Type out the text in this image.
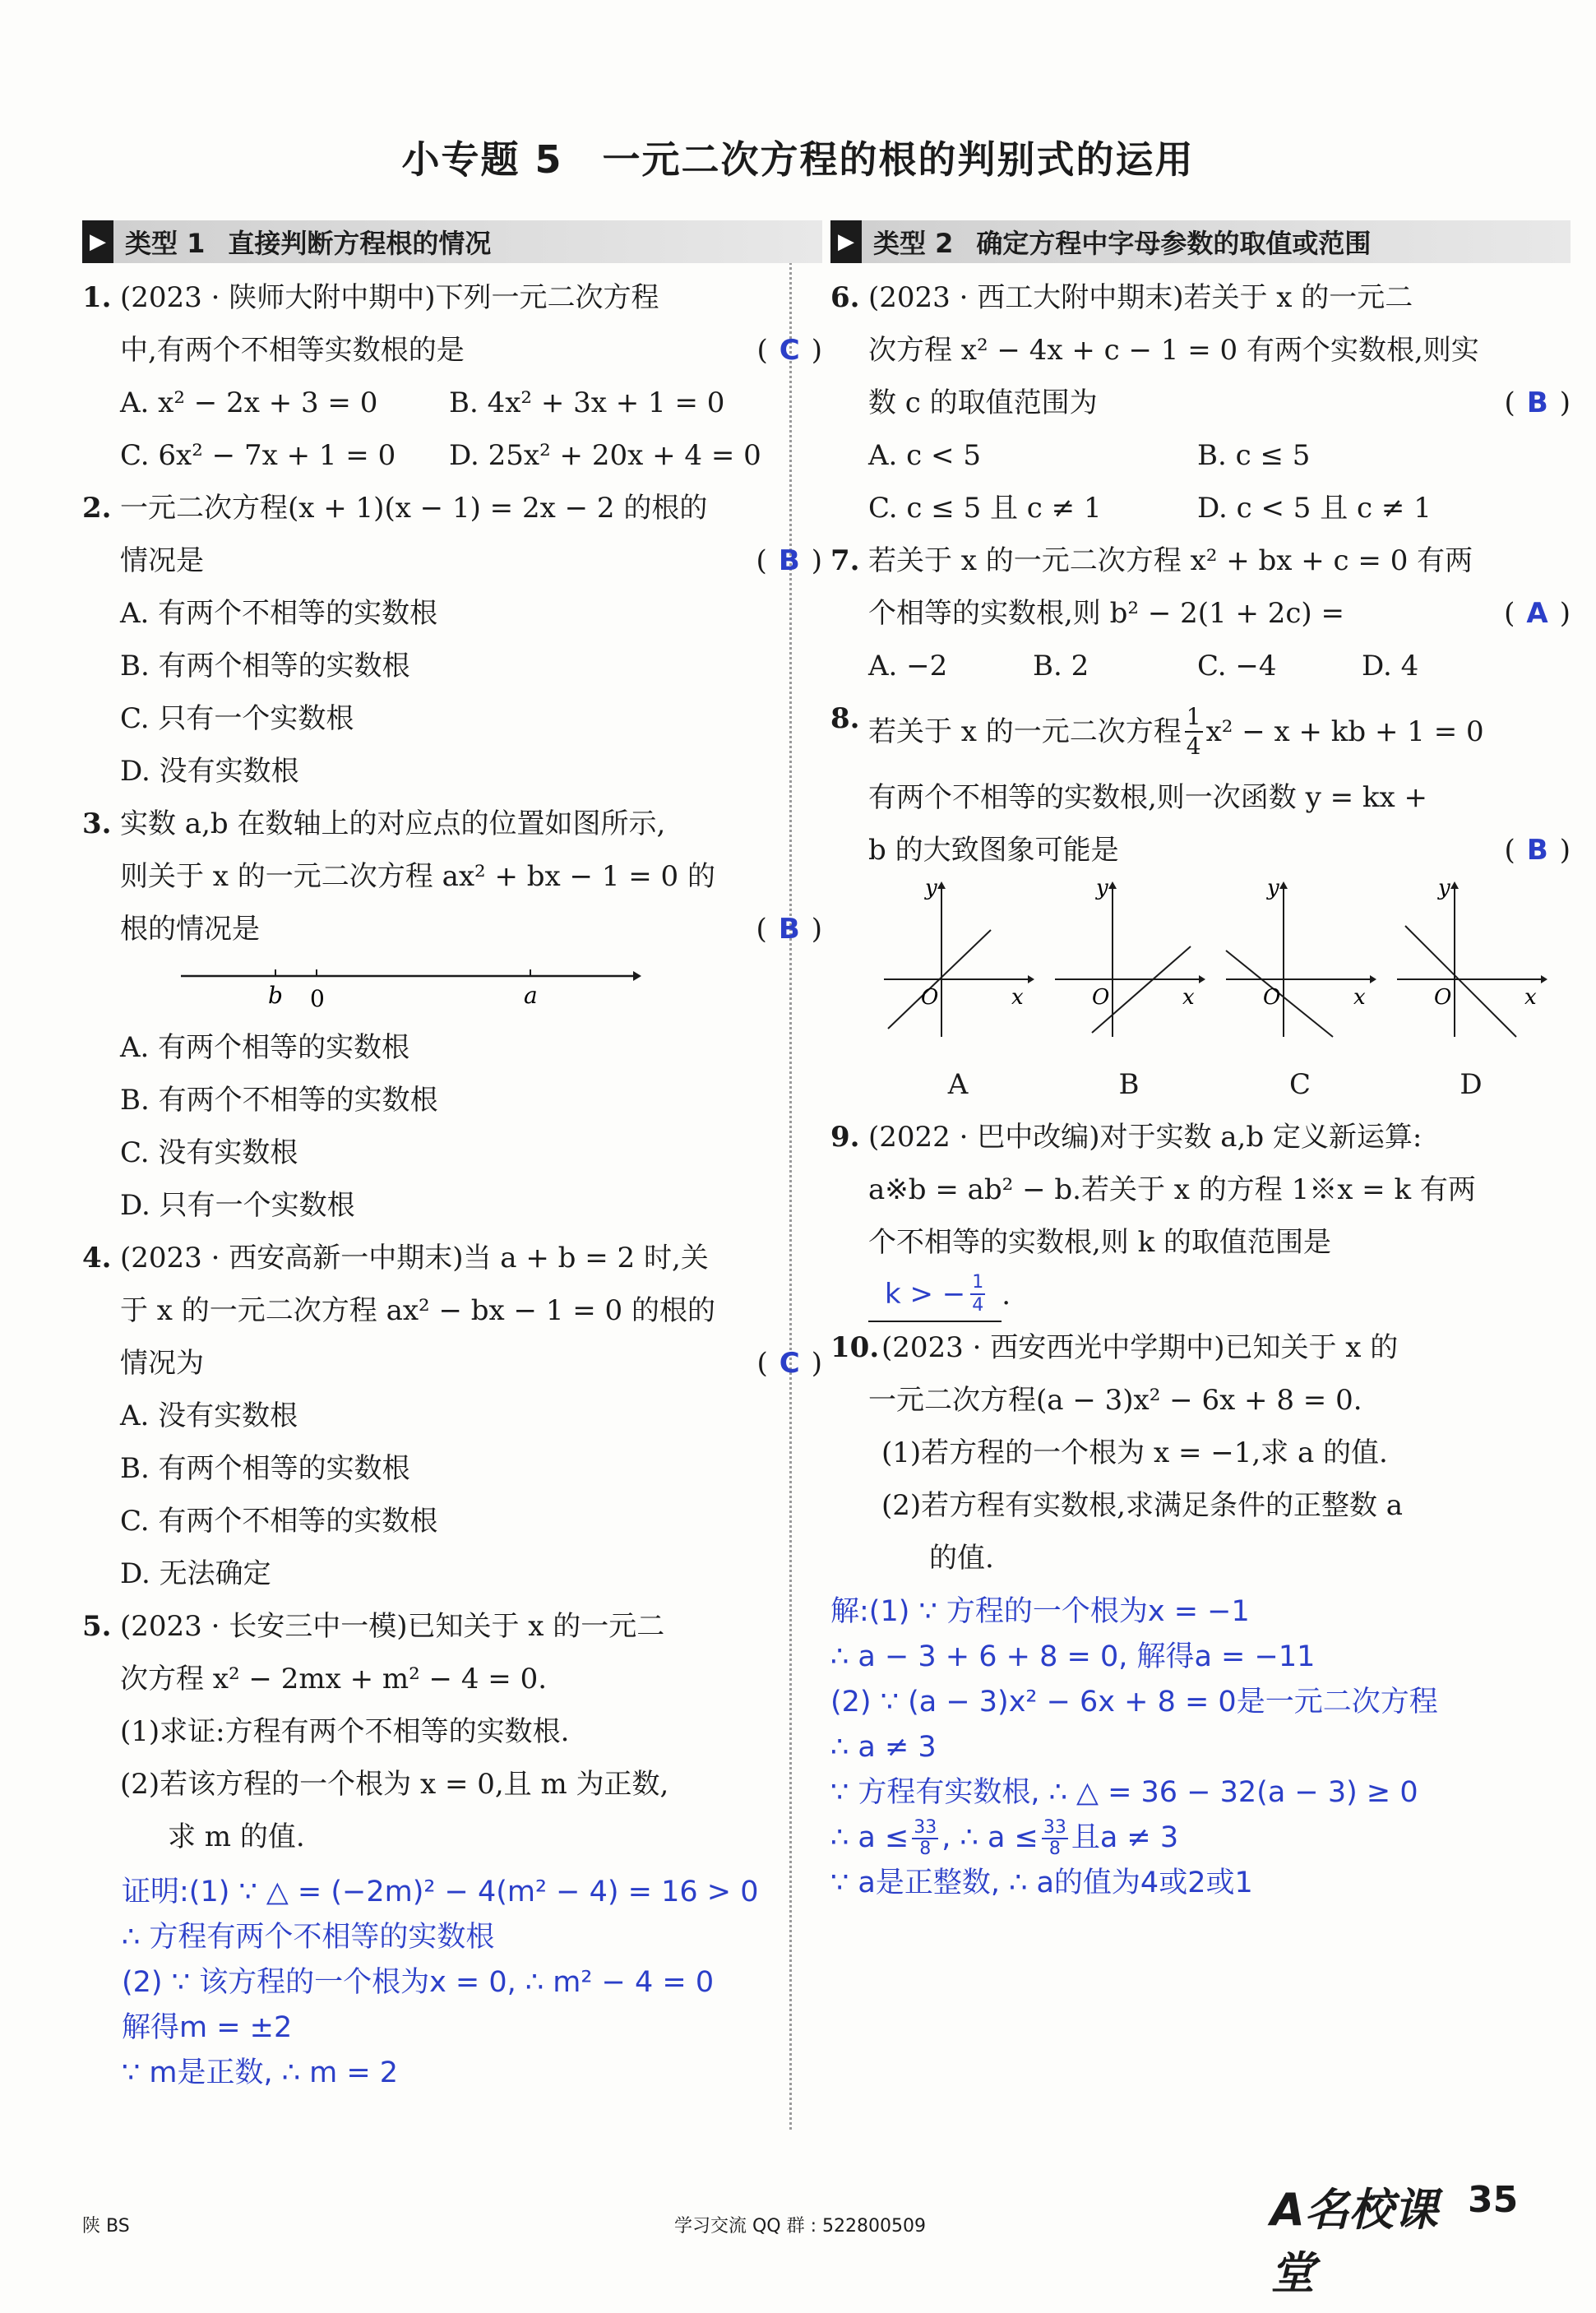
小专题 5　一元二次方程的根的判别式的运用
▶ 类型 1 直接判断方程根的情况
1. (2023 · 陕师大附中期中)下列一元二次方程
中,有两个不相等实数根的是	( C )
A. x² − 2x + 3 = 0	B. 4x² + 3x + 1 = 0
C. 6x² − 7x + 1 = 0	D. 25x² + 20x + 4 = 0
2. 一元二次方程(x + 1)(x − 1) = 2x − 2 的根的
情况是	( B )
A. 有两个不相等的实数根
B. 有两个相等的实数根
C. 只有一个实数根
D. 没有实数根
3. 实数 a,b 在数轴上的对应点的位置如图所示,
则关于 x 的一元二次方程 ax² + bx − 1 = 0 的
根的情况是	( B )
b 0	a
A. 有两个相等的实数根
B. 有两个不相等的实数根
C. 没有实数根
D. 只有一个实数根
4. (2023 · 西安高新一中期末)当 a + b = 2 时,关
于 x 的一元二次方程 ax² − bx − 1 = 0 的根的
情况为	( C )
A. 没有实数根
B. 有两个相等的实数根
C. 有两个不相等的实数根
D. 无法确定
5. (2023 · 长安三中一模)已知关于 x 的一元二
次方程 x² − 2mx + m² − 4 = 0.
(1)求证:方程有两个不相等的实数根.
(2)若该方程的一个根为 x = 0,且 m 为正数,
求 m 的值.
证明:(1) ∵ △ = (−2m)² − 4(m² − 4) = 16 > 0
∴ 方程有两个不相等的实数根
(2) ∵ 该方程的一个根为x = 0, ∴ m² − 4 = 0
解得m = ±2
∵ m是正数, ∴ m = 2
▶ 类型 2 确定方程中字母参数的取值或范围
6. (2023 · 西工大附中期末)若关于 x 的一元二
次方程 x² − 4x + c − 1 = 0 有两个实数根,则实
数 c 的取值范围为	( B )
A. c < 5	B. c ≤ 5
C. c ≤ 5 且 c ≠ 1	D. c < 5 且 c ≠ 1
7. 若关于 x 的一元二次方程 x² + bx + c = 0 有两
个相等的实数根,则 b² − 2(1 + 2c) =	( A )
A. −2	B. 2	C. −4	D. 4
8. 若关于 x 的一元二次方程 $\frac{1}{4} x^2 - x$ + kb + 1 = 0
有两个不相等的实数根,则一次函数 y = kx +
b 的大致图象可能是	( B )
y
x
O
A
y
x
O
B
y
x
O
C
y
x
O
D
9. (2022 · 巴中改编)对于实数 a,b 定义新运算:
a※b = ab² − b.若关于 x 的方程 1※x = k 有两
个不相等的实数根,则 k 的取值范围是
k > − $\frac{1}{4}$ .
10. (2023 · 西安西光中学期中)已知关于 x 的
一元二次方程(a − 3)x² − 6x + 8 = 0.
(1)若方程的一个根为 x = −1,求 a 的值.
(2)若方程有实数根,求满足条件的正整数 a
的值.
解:(1) ∵ 方程的一个根为x = −1
∴ a − 3 + 6 + 8 = 0, 解得a = −11
(2) ∵ (a − 3)x² − 6x + 8 = 0是一元二次方程
∴ a ≠ 3
∵ 方程有实数根, ∴ △ = 36 − 32(a − 3) ≥ 0
∴ $a \le \frac{33}{8}$ , ∴ $a \le \frac{33}{8}$ 且a ≠ 3
∵ a是正整数, ∴ a的值为4或2或1
陕 BS	学习交流 QQ 群 : 522800509	A名校课堂
35
